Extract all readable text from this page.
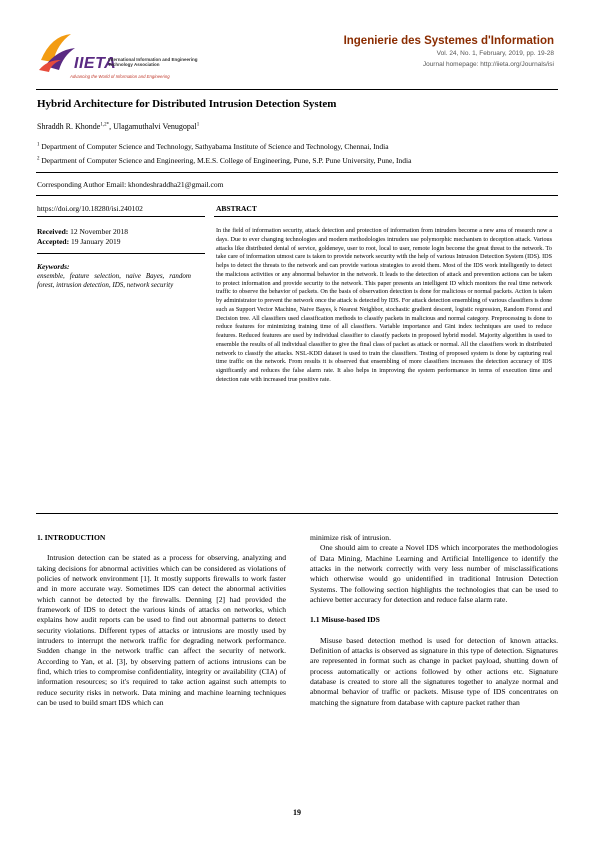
IIETA
International Information and Engineering Technology Association
Advancing the World of Information and Engineering
Ingenierie des Systemes d'Information
Vol. 24, No. 1, February, 2019, pp. 19-28
Journal homepage: http://iieta.org/Journals/isi
Hybrid Architecture for Distributed Intrusion Detection System
Shraddh R. Khonde$^{1,2*}$, Ulagamuthalvi Venugopal$^1$
$^1$ Department of Computer Science and Technology, Sathyabama Institute of Science and Technology, Chennai, India
$^2$ Department of Computer Science and Engineering, M.E.S. College of Engineering, Pune, S.P. Pune University, Pune, India
Corresponding Author Email: khondeshraddha21@gmail.com
https://doi.org/10.18280/isi.240102
Received: 12 November 2018
Accepted: 19 January 2019
Keywords:
ensemble, feature selection, naive Bayes, random forest, intrusion detection, IDS, network security
ABSTRACT
In the field of information security, attack detection and protection of information from intruders become a new area of research now a days. Due to ever changing technologies and modern methodologies intruders use polymorphic mechanism to deception attack. Various attacks like distributed denial of service, goldeneye, user to root, local to user, remote login become the great threat to the network. To take care of information utmost care is taken to provide network security with the help of various Intrusion Detection System (IDS). IDS helps to detect the threats to the network and can provide various strategies to avoid them. Most of the IDS work intelligently to detect the malicious activities or any abnormal behavior in the network. It leads to the detection of attack and prevention actions can be taken to protect information and provide security to the network. This paper presents an intelligent ID which monitors the real time network traffic to observe the behavior of packets. On the basis of observation detection is done for malicious or normal packets. Action is taken by administrator to prevent the network once the attack is detected by IDS. For attack detection ensembling of various classifiers is done such as Support Vector Machine, Naive Bayes, k Nearest Neighbor, stochastic gradient descent, logistic regression, Random Forest and Decision tree. All classifiers used classification methods to classify packets in malicious and normal category. Preprocessing is done to reduce features for minimizing training time of all classifiers. Variable importance and Gini index techniques are used to reduce features. Reduced features are used by individual classifier to classify packets in proposed hybrid model. Majority algorithm is used to ensemble the results of all individual classifier to give the final class of packet as attack or normal. All the classifiers work in distributed network to classify the attacks. NSL-KDD dataset is used to train the classifiers. Testing of proposed system is done by capturing real time traffic on the network. From results it is observed that ensembling of more classifiers increases the detection accuracy of IDS significantly and reduces the false alarm rate. It also helps in improving the system performance in terms of execution time and detection rate with increased true positive rate.
1. INTRODUCTION

Intrusion detection can be stated as a process for observing, analyzing and taking decisions for abnormal activities which can be considered as violations of policies of network environment [1]. It mostly supports firewalls to work faster and in more accurate way. Sometimes IDS can detect the abnormal activities which cannot be detected by the firewalls. Denning [2] had provided the framework of IDS to detect the various kinds of attacks on networks, which explains how audit reports can be used to find out abnormal patterns to detect security violations. Different types of attacks or intrusions are mostly used by intruders to interrupt the network traffic for degrading network performance. Sudden change in the network traffic can affect the security of network. According to Yan, et al. [3], by observing pattern of actions intrusions can be find, which tries to compromise confidentiality, integrity or availability (CIA) of information resources; so it's required to take action against such attempts to reduce security risks in network. Data mining and machine learning techniques can be used to build smart IDS which can

minimize risk of intrusion.

One should aim to create a Novel IDS which incorporates the methodologies of Data Mining, Machine Learning and Artificial Intelligence to identify the attacks in the network correctly with very less number of misclassifications which otherwise would go unidentified in traditional Intrusion Detection Systems. The following section highlights the technologies that can be used to achieve better accuracy for detection and reduce false alarm rate.

1.1 Misuse-based IDS

Misuse based detection method is used for detection of known attacks. Definition of attacks is observed as signature in this type of detection. Signatures are represented in format such as change in packet payload, shutting down of process automatically or actions followed by other actions etc. Signature database is created to store all the signatures together to analyze normal and abnormal behavior of traffic or packets. Misuse type of IDS concentrates on matching the signature from database with capture packet rather than

19
